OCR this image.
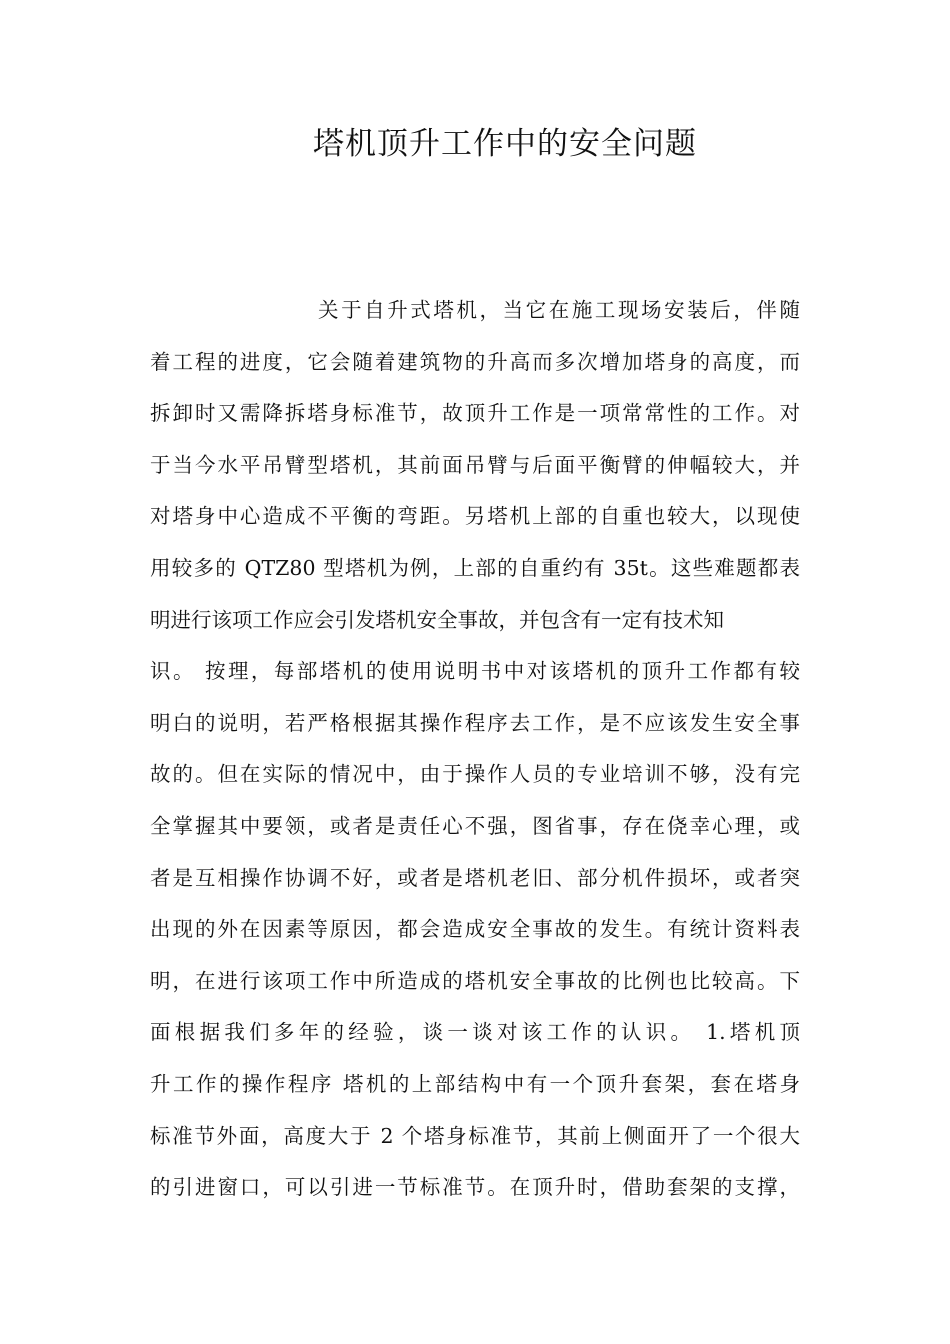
塔机顶升工作中的安全问题
关于自升式塔机，当它在施工现场安装后，伴随
着工程的进度，它会随着建筑物的升高而多次增加塔身的高度，而
拆卸时又需降拆塔身标准节，故顶升工作是一项常常性的工作。对
于当今水平吊臂型塔机，其前面吊臂与后面平衡臂的伸幅较大，并
对塔身中心造成不平衡的弯距。另塔机上部的自重也较大，以现使
用较多的 QTZ80 型塔机为例，上部的自重约有 35t。这些难题都表
明进行该项工作应会引发塔机安全事故，并包含有一定有技术知
识。 按理，每部塔机的使用说明书中对该塔机的顶升工作都有较
明白的说明，若严格根据其操作程序去工作，是不应该发生安全事
故的。但在实际的情况中，由于操作人员的专业培训不够，没有完
全掌握其中要领，或者是责任心不强，图省事，存在侥幸心理，或
者是互相操作协调不好，或者是塔机老旧、部分机件损坏，或者突
出现的外在因素等原因，都会造成安全事故的发生。有统计资料表
明，在进行该项工作中所造成的塔机安全事故的比例也比较高。下
面根据我们多年的经验，谈一谈对该工作的认识。 1.塔机顶
升工作的操作程序 塔机的上部结构中有一个顶升套架，套在塔身
标准节外面，高度大于 2 个塔身标准节，其前上侧面开了一个很大
的引进窗口，可以引进一节标准节。在顶升时，借助套架的支撑，
